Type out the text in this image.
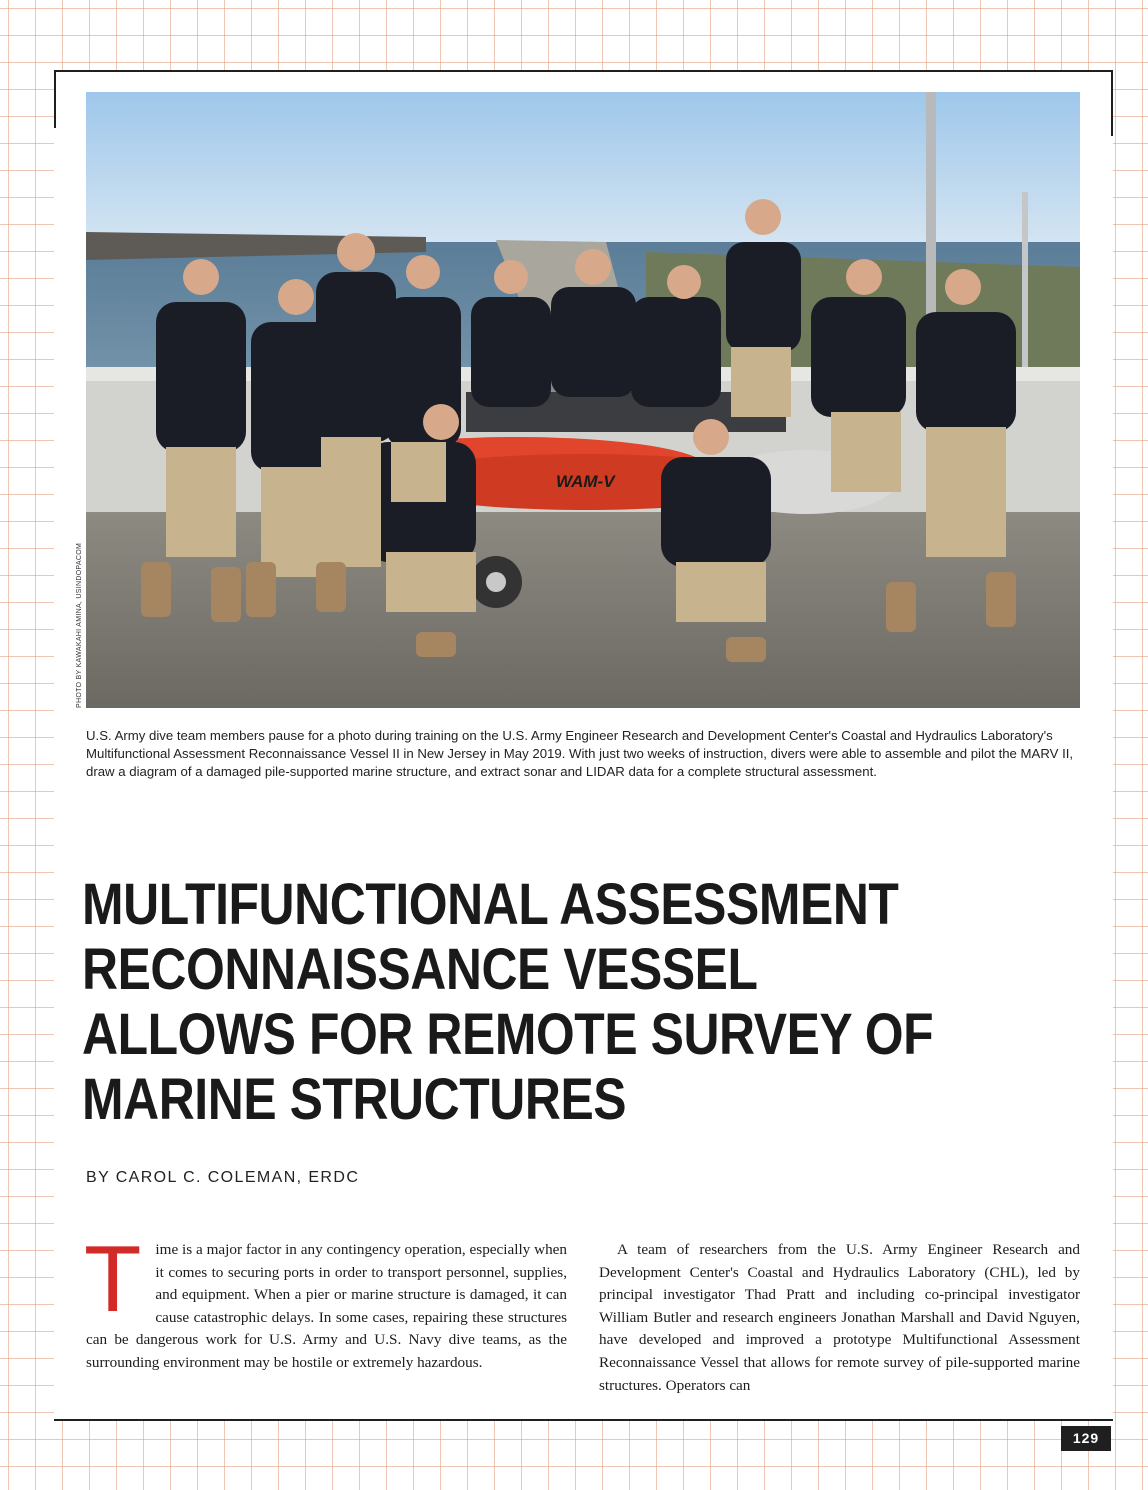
WAM-V
PHOTO BY KAWAKAHI AMINA, USINDOPACOM
U.S. Army dive team members pause for a photo during training on the U.S. Army Engineer Research and Development Center's Coastal and Hydraulics Laboratory's Multifunctional Assessment Reconnaissance Vessel II in New Jersey in May 2019. With just two weeks of instruction, divers were able to assemble and pilot the MARV II, draw a diagram of a damaged pile-supported marine structure, and extract sonar and LIDAR data for a complete structural assessment.
MULTIFUNCTIONAL ASSESSMENT
RECONNAISSANCE VESSEL
ALLOWS FOR REMOTE SURVEY OF
MARINE STRUCTURES
BY CAROL C. COLEMAN, ERDC
Time is a major factor in any contingency operation, especially when it comes to securing ports in order to transport personnel, supplies, and equipment. When a pier or marine structure is damaged, it can cause catastrophic delays. In some cases, repairing these structures can be dangerous work for U.S. Army and U.S. Navy dive teams, as the surrounding environment may be hostile or extremely hazardous.
A team of researchers from the U.S. Army Engineer Research and Development Center's Coastal and Hydraulics Laboratory (CHL), led by principal investigator Thad Pratt and including co-principal investigator William Butler and research engineers Jonathan Marshall and David Nguyen, have developed and improved a prototype Multifunctional Assessment Reconnaissance Vessel that allows for remote survey of pile-supported marine structures. Operators can
129
